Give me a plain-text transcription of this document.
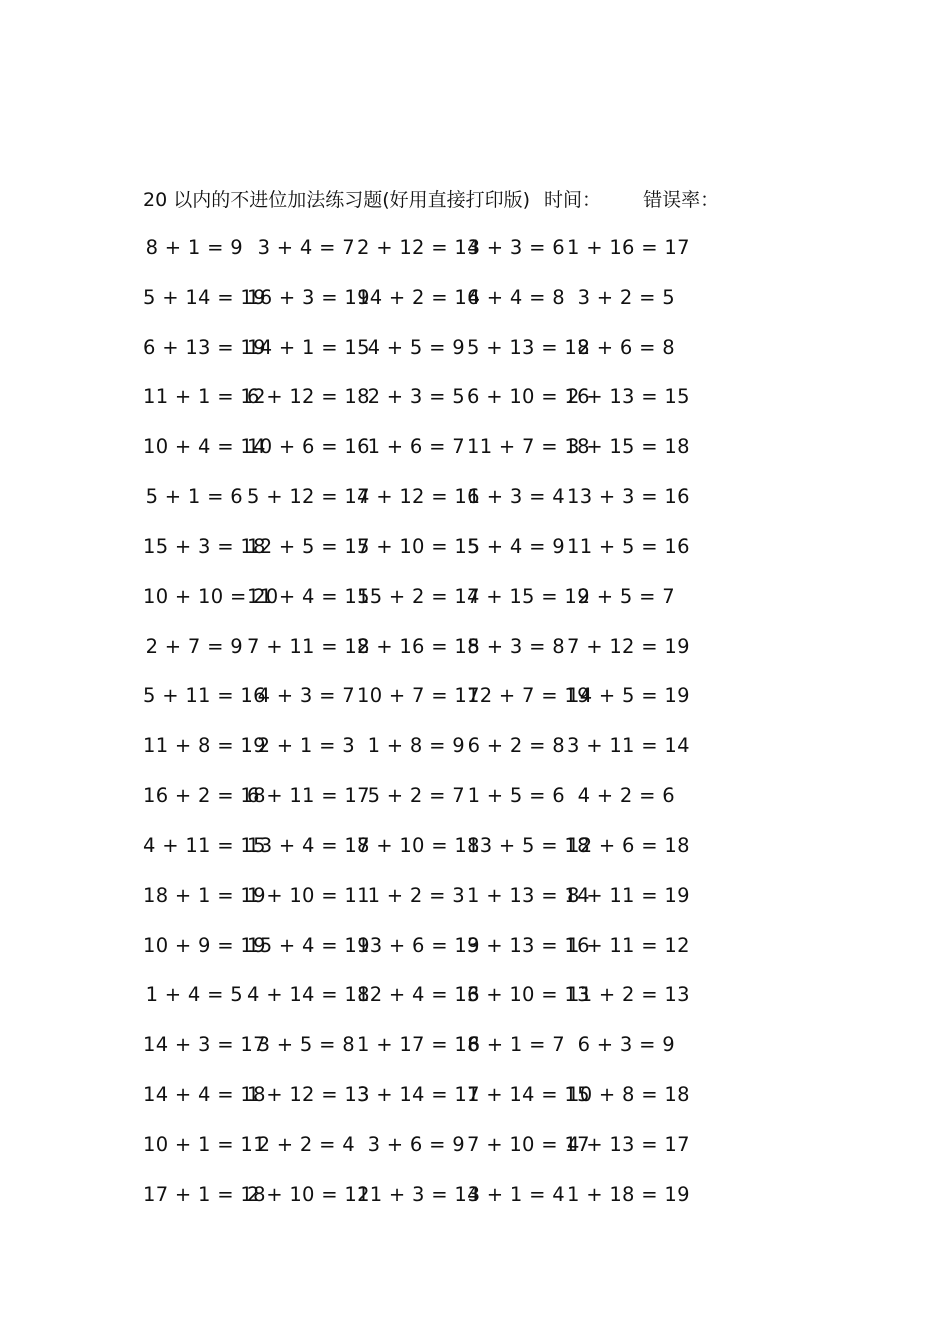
20 以内的不进位加法练习题(好用直接打印版) 时间： 错误率：
8 + 1 = 9 3 + 4 = 7 2 + 12 = 14
3 + 3 = 6 1 + 16 = 17
5 + 14 = 19
16 + 3 = 19
14 + 2 = 16
4 + 4 = 8 3 + 2 = 5
6 + 13 = 19
14 + 1 = 15
4 + 5 = 9 5 + 13 = 18
2 + 6 = 8
11 + 1 = 12
6 + 12 = 18
2 + 3 = 5 6 + 10 = 16
2 + 13 = 15
10 + 4 = 14
10 + 6 = 16
1 + 6 = 7 11 + 7 = 18
3 + 15 = 18
5 + 1 = 6 5 + 12 = 17
4 + 12 = 16
1 + 3 = 4 13 + 3 = 16
15 + 3 = 18
12 + 5 = 17
5 + 10 = 15
5 + 4 = 9 11 + 5 = 16
10 + 10 = 20
11 + 4 = 15
15 + 2 = 17
4 + 15 = 19
2 + 5 = 7
2 + 7 = 9 7 + 11 = 18
2 + 16 = 18
5 + 3 = 8 7 + 12 = 19
5 + 11 = 16
4 + 3 = 7 10 + 7 = 17
12 + 7 = 19
14 + 5 = 19
11 + 8 = 19
2 + 1 = 3 1 + 8 = 9 6 + 2 = 8 3 + 11 = 14
16 + 2 = 18
6 + 11 = 17
5 + 2 = 7 1 + 5 = 6 4 + 2 = 6
4 + 11 = 15
13 + 4 = 17
8 + 10 = 18
13 + 5 = 18
12 + 6 = 18
18 + 1 = 19
1 + 10 = 11
1 + 2 = 3 1 + 13 = 14
8 + 11 = 19
10 + 9 = 19
15 + 4 = 19
13 + 6 = 19
3 + 13 = 16
1 + 11 = 12
1 + 4 = 5 4 + 14 = 18
12 + 4 = 16
3 + 10 = 13
11 + 2 = 13
14 + 3 = 17
3 + 5 = 8 1 + 17 = 18
6 + 1 = 7 6 + 3 = 9
14 + 4 = 18
1 + 12 = 13
3 + 14 = 17
1 + 14 = 15
10 + 8 = 18
10 + 1 = 11
2 + 2 = 4 3 + 6 = 9 7 + 10 = 17
4 + 13 = 17
17 + 1 = 18
2 + 10 = 12
11 + 3 = 14
3 + 1 = 4 1 + 18 = 19
